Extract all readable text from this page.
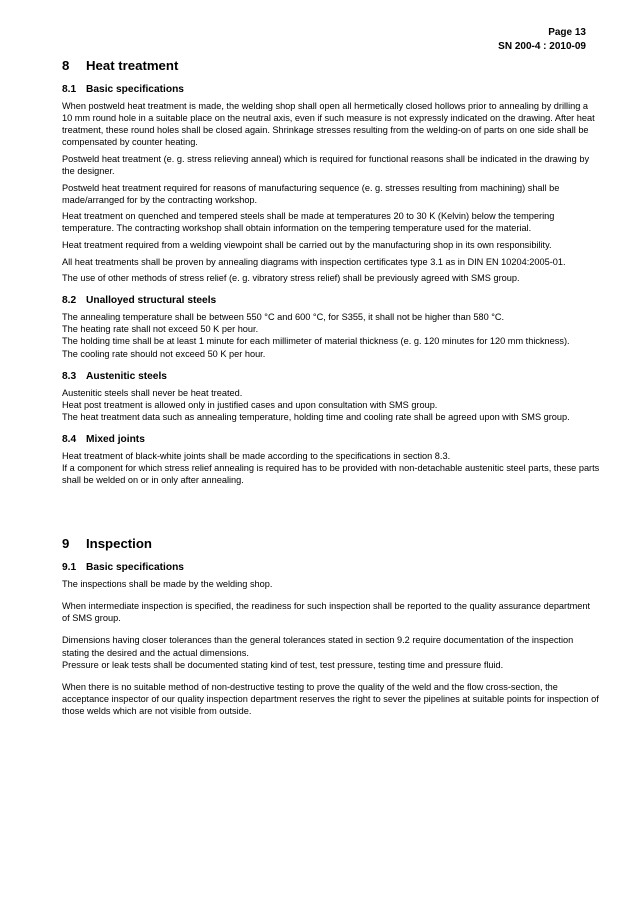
Page 13
SN 200-4 : 2010-09
8	Heat treatment
8.1 Basic specifications

When postweld heat treatment is made, the welding shop shall open all hermetically closed hollows prior to annealing by drilling a 10 mm round hole in a suitable place on the neutral axis, even if such measure is not expressly indicated on the drawing. After heat treatment, these round holes shall be closed again. Shrinkage stresses resulting from the welding-on of parts on one side shall be compensated by counter heating.

Postweld heat treatment (e. g. stress relieving anneal) which is required for functional reasons shall be indicated in the drawing by the designer.

Postweld heat treatment required for reasons of manufacturing sequence (e. g. stresses resulting from machining) shall be made/arranged for by the contracting workshop.

Heat treatment on quenched and tempered steels shall be made at temperatures 20 to 30 K (Kelvin) below the tempering temperature. The contracting workshop shall obtain information on the tempering temperature used for the material.

Heat treatment required from a welding viewpoint shall be carried out by the manufacturing shop in its own responsibility.

All heat treatments shall be proven by annealing diagrams with inspection certificates type 3.1 as in DIN EN 10204:2005-01.

The use of other methods of stress relief (e. g. vibratory stress relief) shall be previously agreed with SMS group.

8.2 Unalloyed structural steels

The annealing temperature shall be between 550 °C and 600 °C, for S355, it shall not be higher than 580 °C.

The heating rate shall not exceed 50 K per hour.

The holding time shall be at least 1 minute for each millimeter of material thickness (e. g. 120 minutes for 120 mm thickness).

The cooling rate should not exceed 50 K per hour.

8.3 Austenitic steels

Austenitic steels shall never be heat treated.

Heat post treatment is allowed only in justified cases and upon consultation with SMS group.

The heat treatment data such as annealing temperature, holding time and cooling rate shall be agreed upon with SMS group.

8.4 Mixed joints

Heat treatment of black-white joints shall be made according to the specifications in section 8.3.

If a component for which stress relief annealing is required has to be provided with non-detachable austenitic steel parts, these parts shall be welded on or in only after annealing.

9	Inspection
9.1 Basic specifications

The inspections shall be made by the welding shop.

When intermediate inspection is specified, the readiness for such inspection shall be reported to the quality assurance department of SMS group.

Dimensions having closer tolerances than the general tolerances stated in section 9.2 require documentation of the inspection stating the desired and the actual dimensions.

Pressure or leak tests shall be documented stating kind of test, test pressure, testing time and pressure fluid.

When there is no suitable method of non-destructive testing to prove the quality of the weld and the flow cross-section, the acceptance inspector of our quality inspection department reserves the right to sever the pipelines at suitable points for inspection of those welds which are not visible from outside.
